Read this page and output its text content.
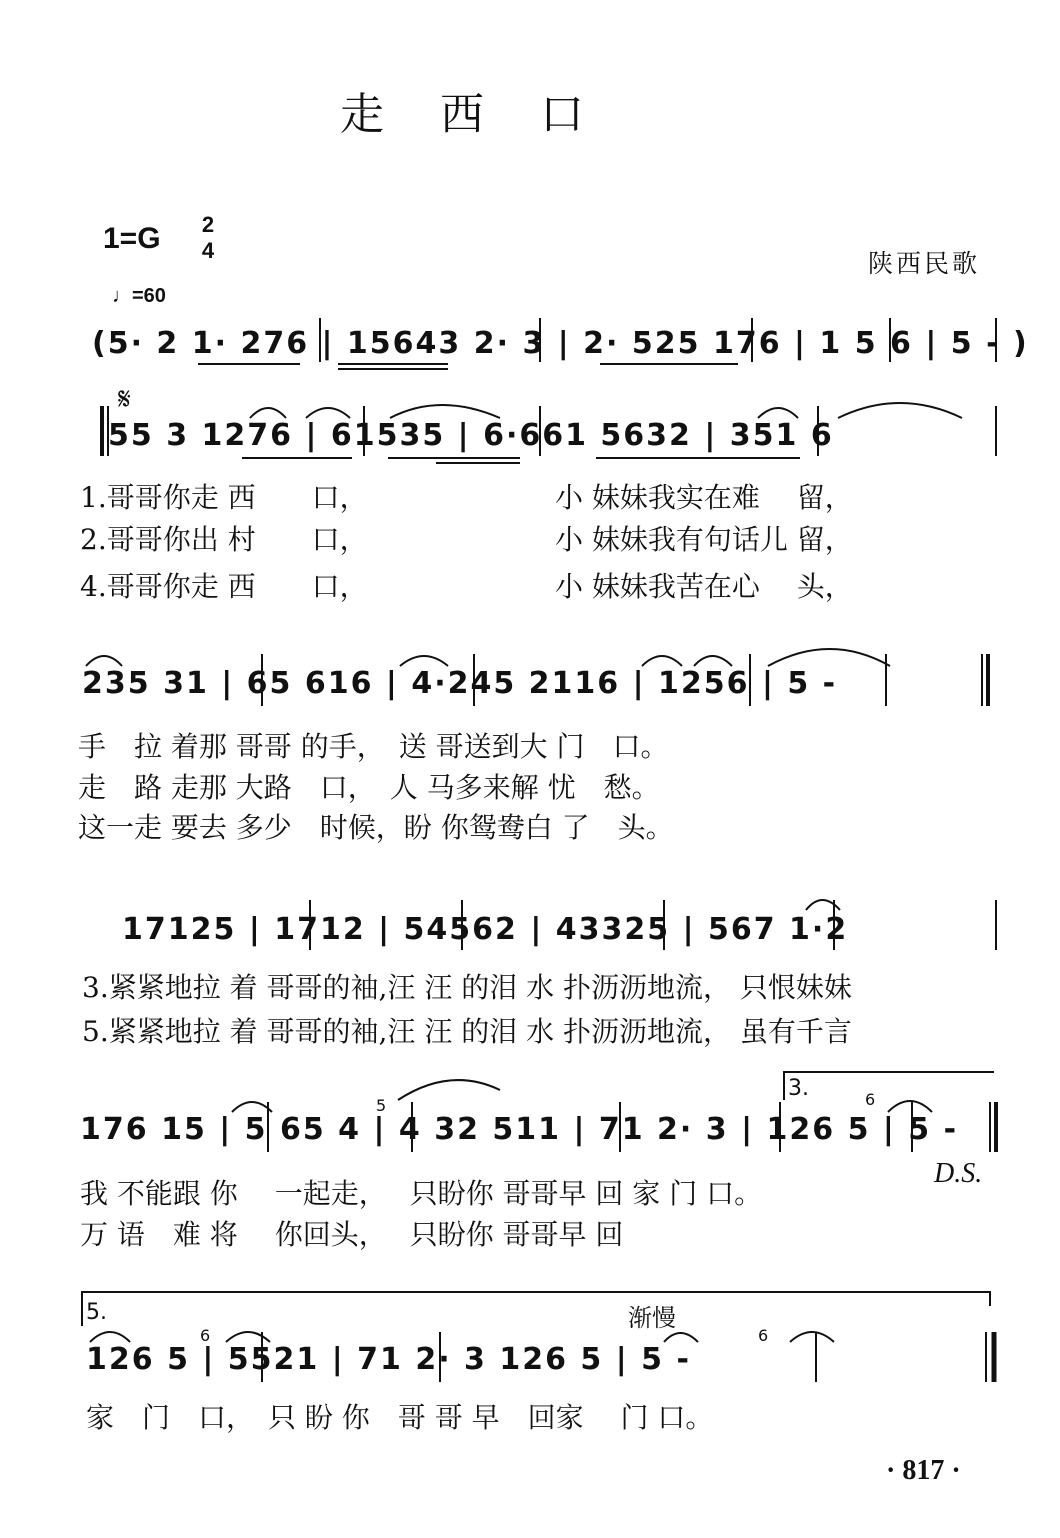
走　西　口
1=G 2
4
♩=60
陕西民歌
(5· 2 1· 276 | 15643 2· 3 | 2· 525 176 | 1 5 6 | 5 - )
𝄋
55 3 1276 | 61535 | 6·661 5632 | 351 6
1.哥哥你走 西　　口，	小 妹妹我实在难　 留，
2.哥哥你出 村　　口，	小 妹妹我有句话儿 留，
4.哥哥你走 西　　口，	小 妹妹我苦在心　 头，
235 31 | 65 616 | 4·245 2116 | 1256 | 5 -
手　拉 着那 哥哥 的手，　送 哥送到大 门　口。
走　路 走那 大路　口，　人 马多来解 忧　愁。
这一走 要去 多少　时候，盼 你鸳鸯白 了　头。
17125 | 1712 | 54562 | 43325 | 567 1·2
3.紧紧地拉 着 哥哥的袖,汪 汪 的泪 水 扑沥沥地流， 只恨妹妹
5.紧紧地拉 着 哥哥的袖,汪 汪 的泪 水 扑沥沥地流， 虽有千言
3.
5	6
176 15 | 5 65 4 | 4 32 511 | 71 2· 3 | 126 5 | 5 -
我 不能跟 你　 一起走，　 只盼你 哥哥早 回 家 门 口。
D.S.
万 语　难 将　 你回头，　 只盼你 哥哥早 回
5.	渐慢
6	6
126 5 | 5521 | 71 2· 3 126 5 | 5 -
家　门　口，　只 盼 你　哥 哥 早　回家　 门 口。
· 817 ·
